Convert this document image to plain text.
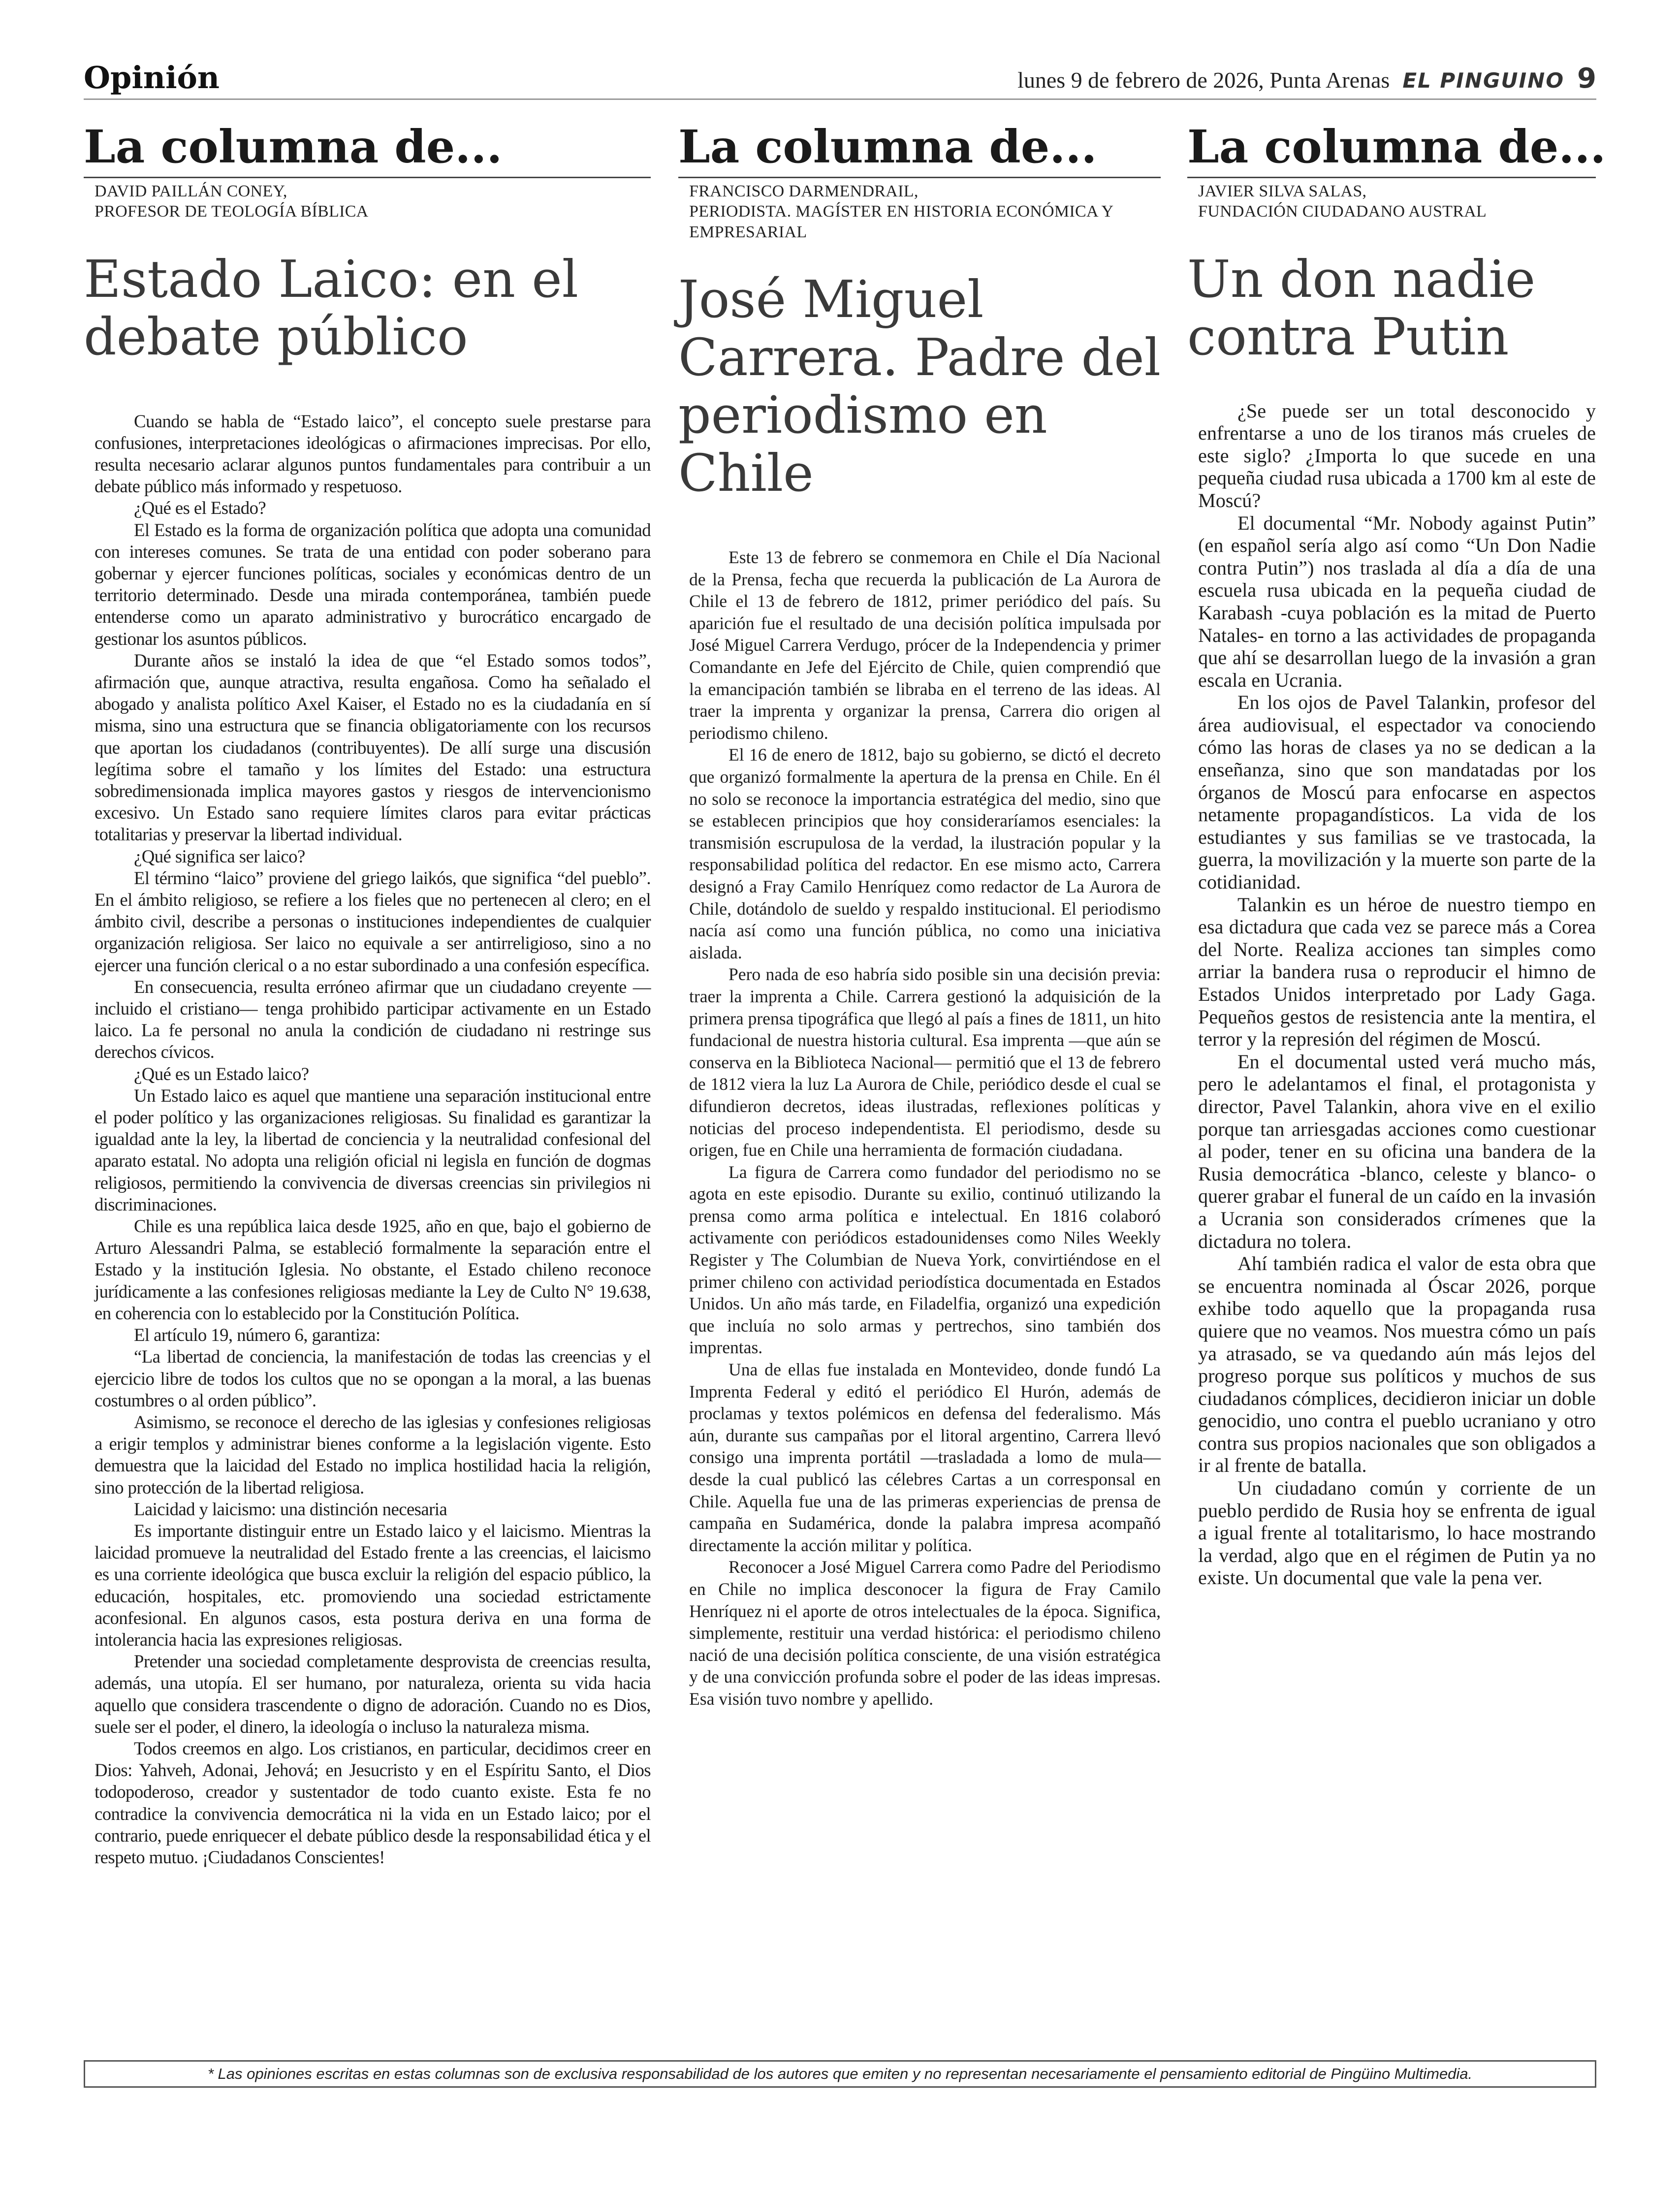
Opinión	lunes 9 de febrero de 2026, Punta Arenas EL PINGUINO 9
La columna de...
DAVID PAILLÁN CONEY,
PROFESOR DE TEOLOGÍA BÍBLICA
Estado Laico: en el debate público

Cuando se habla de “Estado laico”, el concepto suele prestarse para confusiones, interpretaciones ideológicas o afirmaciones imprecisas. Por ello, resulta necesario aclarar algunos puntos fundamentales para contribuir a un debate público más informado y respetuoso.

¿Qué es el Estado?

El Estado es la forma de organización política que adopta una comunidad con intereses comunes. Se trata de una entidad con poder soberano para gobernar y ejercer funciones políticas, sociales y económicas dentro de un territorio determinado. Desde una mirada contemporánea, también puede entenderse como un aparato administrativo y burocrático encargado de gestionar los asuntos públicos.

Durante años se instaló la idea de que “el Estado somos todos”, afirmación que, aunque atractiva, resulta engañosa. Como ha señalado el abogado y analista político Axel Kaiser, el Estado no es la ciudadanía en sí misma, sino una estructura que se financia obligatoriamente con los recursos que aportan los ciudadanos (contribuyentes). De allí surge una discusión legítima sobre el tamaño y los límites del Estado: una estructura sobredimensionada implica mayores gastos y riesgos de intervencionismo excesivo. Un Estado sano requiere límites claros para evitar prácticas totalitarias y preservar la libertad individual.

¿Qué significa ser laico?

El término “laico” proviene del griego laikós, que significa “del pueblo”. En el ámbito religioso, se refiere a los fieles que no pertenecen al clero; en el ámbito civil, describe a personas o instituciones independientes de cualquier organización religiosa. Ser laico no equivale a ser antirreligioso, sino a no ejercer una función clerical o a no estar subordinado a una confesión específica.

En consecuencia, resulta erróneo afirmar que un ciudadano creyente —incluido el cristiano— tenga prohibido participar activamente en un Estado laico. La fe personal no anula la condición de ciudadano ni restringe sus derechos cívicos.

¿Qué es un Estado laico?

Un Estado laico es aquel que mantiene una separación institucional entre el poder político y las organizaciones religiosas. Su finalidad es garantizar la igualdad ante la ley, la libertad de conciencia y la neutralidad confesional del aparato estatal. No adopta una religión oficial ni legisla en función de dogmas religiosos, permitiendo la convivencia de diversas creencias sin privilegios ni discriminaciones.

Chile es una república laica desde 1925, año en que, bajo el gobierno de Arturo Alessandri Palma, se estableció formalmente la separación entre el Estado y la institución Iglesia. No obstante, el Estado chileno reconoce jurídicamente a las confesiones religiosas mediante la Ley de Culto N° 19.638, en coherencia con lo establecido por la Constitución Política.

El artículo 19, número 6, garantiza:

“La libertad de conciencia, la manifestación de todas las creencias y el ejercicio libre de todos los cultos que no se opongan a la moral, a las buenas costumbres o al orden público”.

Asimismo, se reconoce el derecho de las iglesias y confesiones religiosas a erigir templos y administrar bienes conforme a la legislación vigente. Esto demuestra que la laicidad del Estado no implica hostilidad hacia la religión, sino protección de la libertad religiosa.

Laicidad y laicismo: una distinción necesaria

Es importante distinguir entre un Estado laico y el laicismo. Mientras la laicidad promueve la neutralidad del Estado frente a las creencias, el laicismo es una corriente ideológica que busca excluir la religión del espacio público, la educación, hospitales, etc. promoviendo una sociedad estrictamente aconfesional. En algunos casos, esta postura deriva en una forma de intolerancia hacia las expresiones religiosas.

Pretender una sociedad completamente desprovista de creencias resulta, además, una utopía. El ser humano, por naturaleza, orienta su vida hacia aquello que considera trascendente o digno de adoración. Cuando no es Dios, suele ser el poder, el dinero, la ideología o incluso la naturaleza misma.

Todos creemos en algo. Los cristianos, en particular, decidimos creer en Dios: Yahveh, Adonai, Jehová; en Jesucristo y en el Espíritu Santo, el Dios todopoderoso, creador y sustentador de todo cuanto existe. Esta fe no contradice la convivencia democrática ni la vida en un Estado laico; por el contrario, puede enriquecer el debate público desde la responsabilidad ética y el respeto mutuo. ¡Ciudadanos Conscientes!

La columna de...
FRANCISCO DARMENDRAIL,
PERIODISTA. MAGÍSTER EN HISTORIA ECONÓMICA Y EMPRESARIAL
José Miguel Carrera. Padre del periodismo en Chile

Este 13 de febrero se conmemora en Chile el Día Nacional de la Prensa, fecha que recuerda la publicación de La Aurora de Chile el 13 de febrero de 1812, primer periódico del país. Su aparición fue el resultado de una decisión política impulsada por José Miguel Carrera Verdugo, prócer de la Independencia y primer Comandante en Jefe del Ejército de Chile, quien comprendió que la emancipación también se libraba en el terreno de las ideas. Al traer la imprenta y organizar la prensa, Carrera dio origen al periodismo chileno.

El 16 de enero de 1812, bajo su gobierno, se dictó el decreto que organizó formalmente la apertura de la prensa en Chile. En él no solo se reconoce la importancia estratégica del medio, sino que se establecen principios que hoy consideraríamos esenciales: la transmisión escrupulosa de la verdad, la ilustración popular y la responsabilidad política del redactor. En ese mismo acto, Carrera designó a Fray Camilo Henríquez como redactor de La Aurora de Chile, dotándolo de sueldo y respaldo institucional. El periodismo nacía así como una función pública, no como una iniciativa aislada.

Pero nada de eso habría sido posible sin una decisión previa: traer la imprenta a Chile. Carrera gestionó la adquisición de la primera prensa tipográfica que llegó al país a fines de 1811, un hito fundacional de nuestra historia cultural. Esa imprenta —que aún se conserva en la Biblioteca Nacional— permitió que el 13 de febrero de 1812 viera la luz La Aurora de Chile, periódico desde el cual se difundieron decretos, ideas ilustradas, reflexiones políticas y noticias del proceso independentista. El periodismo, desde su origen, fue en Chile una herramienta de formación ciudadana.

La figura de Carrera como fundador del periodismo no se agota en este episodio. Durante su exilio, continuó utilizando la prensa como arma política e intelectual. En 1816 colaboró activamente con periódicos estadounidenses como Niles Weekly Register y The Columbian de Nueva York, convirtiéndose en el primer chileno con actividad periodística documentada en Estados Unidos. Un año más tarde, en Filadelfia, organizó una expedición que incluía no solo armas y pertrechos, sino también dos imprentas.

Una de ellas fue instalada en Montevideo, donde fundó La Imprenta Federal y editó el periódico El Hurón, además de proclamas y textos polémicos en defensa del federalismo. Más aún, durante sus campañas por el litoral argentino, Carrera llevó consigo una imprenta portátil —trasladada a lomo de mula— desde la cual publicó las célebres Cartas a un corresponsal en Chile. Aquella fue una de las primeras experiencias de prensa de campaña en Sudamérica, donde la palabra impresa acompañó directamente la acción militar y política.

Reconocer a José Miguel Carrera como Padre del Periodismo en Chile no implica desconocer la figura de Fray Camilo Henríquez ni el aporte de otros intelectuales de la época. Significa, simplemente, restituir una verdad histórica: el periodismo chileno nació de una decisión política consciente, de una visión estratégica y de una convicción profunda sobre el poder de las ideas impresas. Esa visión tuvo nombre y apellido.

La columna de...
JAVIER SILVA SALAS,
FUNDACIÓN CIUDADANO AUSTRAL
Un don nadie contra Putin

¿Se puede ser un total desconocido y enfrentarse a uno de los tiranos más crueles de este siglo? ¿Importa lo que sucede en una pequeña ciudad rusa ubicada a 1700 km al este de Moscú?

El documental “Mr. Nobody against Putin” (en español sería algo así como “Un Don Nadie contra Putin”) nos traslada al día a día de una escuela rusa ubicada en la pequeña ciudad de Karabash -cuya población es la mitad de Puerto Natales- en torno a las actividades de propaganda que ahí se desarrollan luego de la invasión a gran escala en Ucrania.

En los ojos de Pavel Talankin, profesor del área audiovisual, el espectador va conociendo cómo las horas de clases ya no se dedican a la enseñanza, sino que son mandatadas por los órganos de Moscú para enfocarse en aspectos netamente propagandísticos. La vida de los estudiantes y sus familias se ve trastocada, la guerra, la movilización y la muerte son parte de la cotidianidad.

Talankin es un héroe de nuestro tiempo en esa dictadura que cada vez se parece más a Corea del Norte. Realiza acciones tan simples como arriar la bandera rusa o reproducir el himno de Estados Unidos interpretado por Lady Gaga. Pequeños gestos de resistencia ante la mentira, el terror y la represión del régimen de Moscú.

En el documental usted verá mucho más, pero le adelantamos el final, el protagonista y director, Pavel Talankin, ahora vive en el exilio porque tan arriesgadas acciones como cuestionar al poder, tener en su oficina una bandera de la Rusia democrática -blanco, celeste y blanco- o querer grabar el funeral de un caído en la invasión a Ucrania son considerados crímenes que la dictadura no tolera.

Ahí también radica el valor de esta obra que se encuentra nominada al Óscar 2026, porque exhibe todo aquello que la propaganda rusa quiere que no veamos. Nos muestra cómo un país ya atrasado, se va quedando aún más lejos del progreso porque sus políticos y muchos de sus ciudadanos cómplices, decidieron iniciar un doble genocidio, uno contra el pueblo ucraniano y otro contra sus propios nacionales que son obligados a ir al frente de batalla.

Un ciudadano común y corriente de un pueblo perdido de Rusia hoy se enfrenta de igual a igual frente al totalitarismo, lo hace mostrando la verdad, algo que en el régimen de Putin ya no existe. Un documental que vale la pena ver.

* Las opiniones escritas en estas columnas son de exclusiva responsabilidad de los autores que emiten y no representan necesariamente el pensamiento editorial de Pingüino Multimedia.
